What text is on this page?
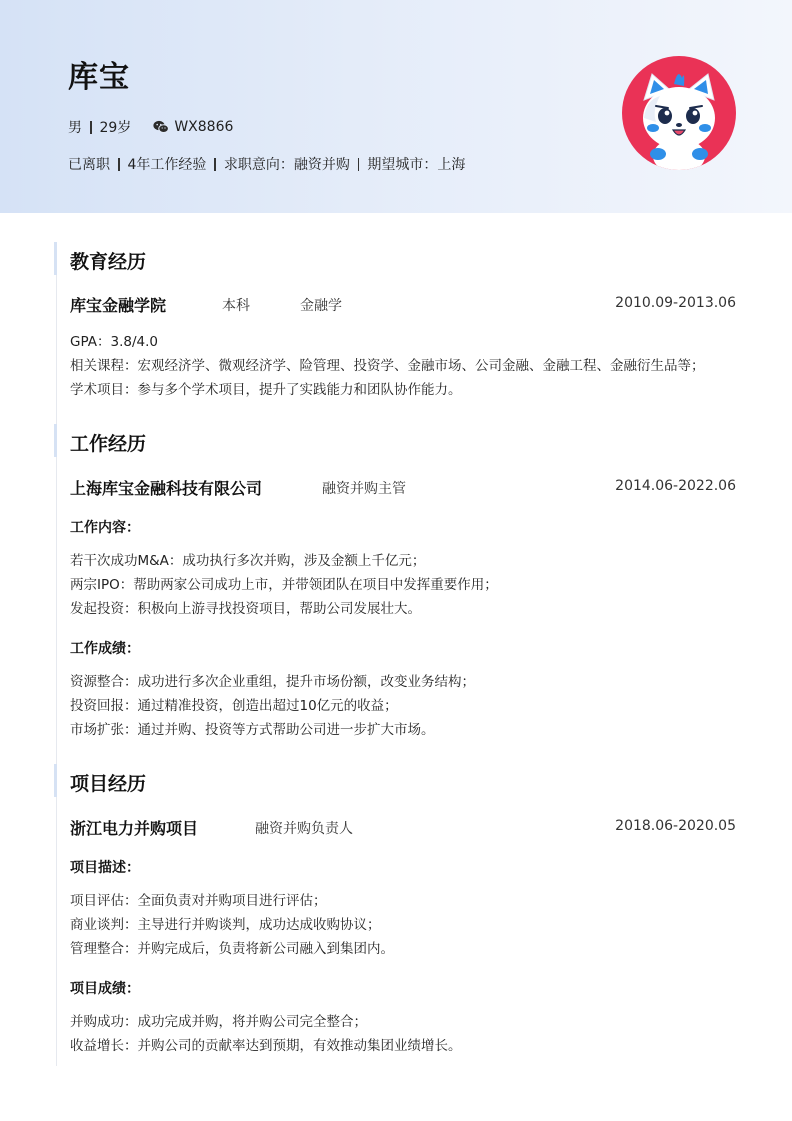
库宝
男 29岁	WX8866
已离职 4年工作经验 求职意向：融资并购 期望城市：上海
教育经历
库宝金融学院	本科	金融学	2010.09-2013.06
GPA：3.8/4.0
相关课程：宏观经济学、微观经济学、险管理、投资学、金融市场、公司金融、金融工程、金融衍生品等；
学术项目：参与多个学术项目，提升了实践能力和团队协作能力。
工作经历
上海库宝金融科技有限公司	融资并购主管	2014.06-2022.06
工作内容：
若干次成功M&A：成功执行多次并购，涉及金额上千亿元；
两宗IPO：帮助两家公司成功上市，并带领团队在项目中发挥重要作用；
发起投资：积极向上游寻找投资项目，帮助公司发展壮大。
工作成绩：
资源整合：成功进行多次企业重组，提升市场份额，改变业务结构；
投资回报：通过精准投资，创造出超过10亿元的收益；
市场扩张：通过并购、投资等方式帮助公司进一步扩大市场。
项目经历
浙江电力并购项目	融资并购负责人	2018.06-2020.05
项目描述：
项目评估：全面负责对并购项目进行评估；
商业谈判：主导进行并购谈判，成功达成收购协议；
管理整合：并购完成后，负责将新公司融入到集团内。
项目成绩：
并购成功：成功完成并购，将并购公司完全整合；
收益增长：并购公司的贡献率达到预期，有效推动集团业绩增长。
